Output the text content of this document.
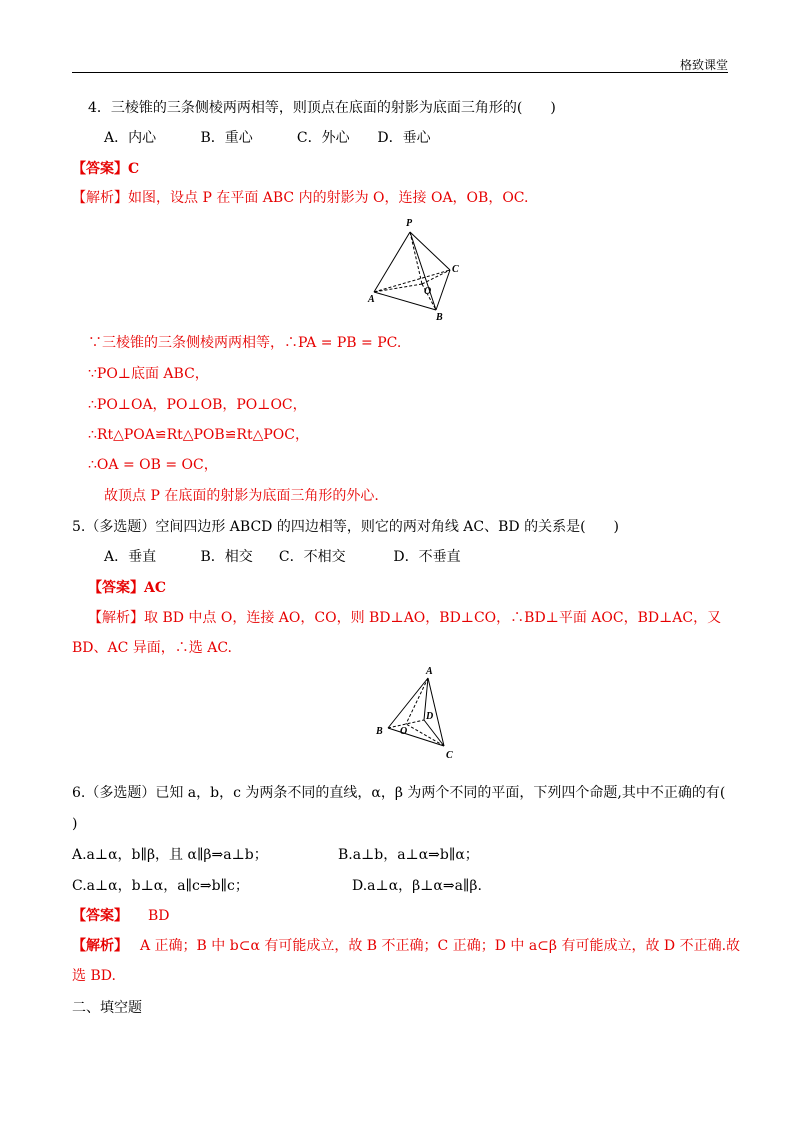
格致课堂
4．三棱锥的三条侧棱两两相等，则顶点在底面的射影为底面三角形的(　　)
A．内心	B．重心	C．外心 D．垂心
【答案】C
【解析】如图，设点 P 在平面 ABC 内的射影为 O，连接 OA，OB，OC.
P
A
B
C
O
∵三棱锥的三条侧棱两两相等，∴PA = PB = PC.
∵PO⊥底面 ABC，
∴PO⊥OA，PO⊥OB，PO⊥OC，
∴Rt△POA≌Rt△POB≌Rt△POC，
∴OA = OB = OC，
故顶点 P 在底面的射影为底面三角形的外心.
5.（多选题）空间四边形 ABCD 的四边相等，则它的两对角线 AC、BD 的关系是(　　)
A．垂直	B．相交 C．不相交	D．不垂直
【答案】AC
【解析】取 BD 中点 O，连接 AO，CO，则 BD⊥AO，BD⊥CO，∴BD⊥平面 AOC，BD⊥AC，又
BD、AC 异面，∴选 AC.
A
B
C
D
O
6.（多选题）已知 a，b，c 为两条不同的直线，α，β 为两个不同的平面，下列四个命题,其中不正确的有(
)
A.a⊥α，b∥β，且 α∥β⇒a⊥b；	B.a⊥b，a⊥α⇒b∥α；
C.a⊥α，b⊥α，a∥c⇒b∥c；	D.a⊥α，β⊥α⇒a∥β.
【答案】 BD
【解析】 A 正确；B 中 b⊂α 有可能成立，故 B 不正确；C 正确；D 中 a⊂β 有可能成立，故 D 不正确.故
选 BD.
二、填空题
